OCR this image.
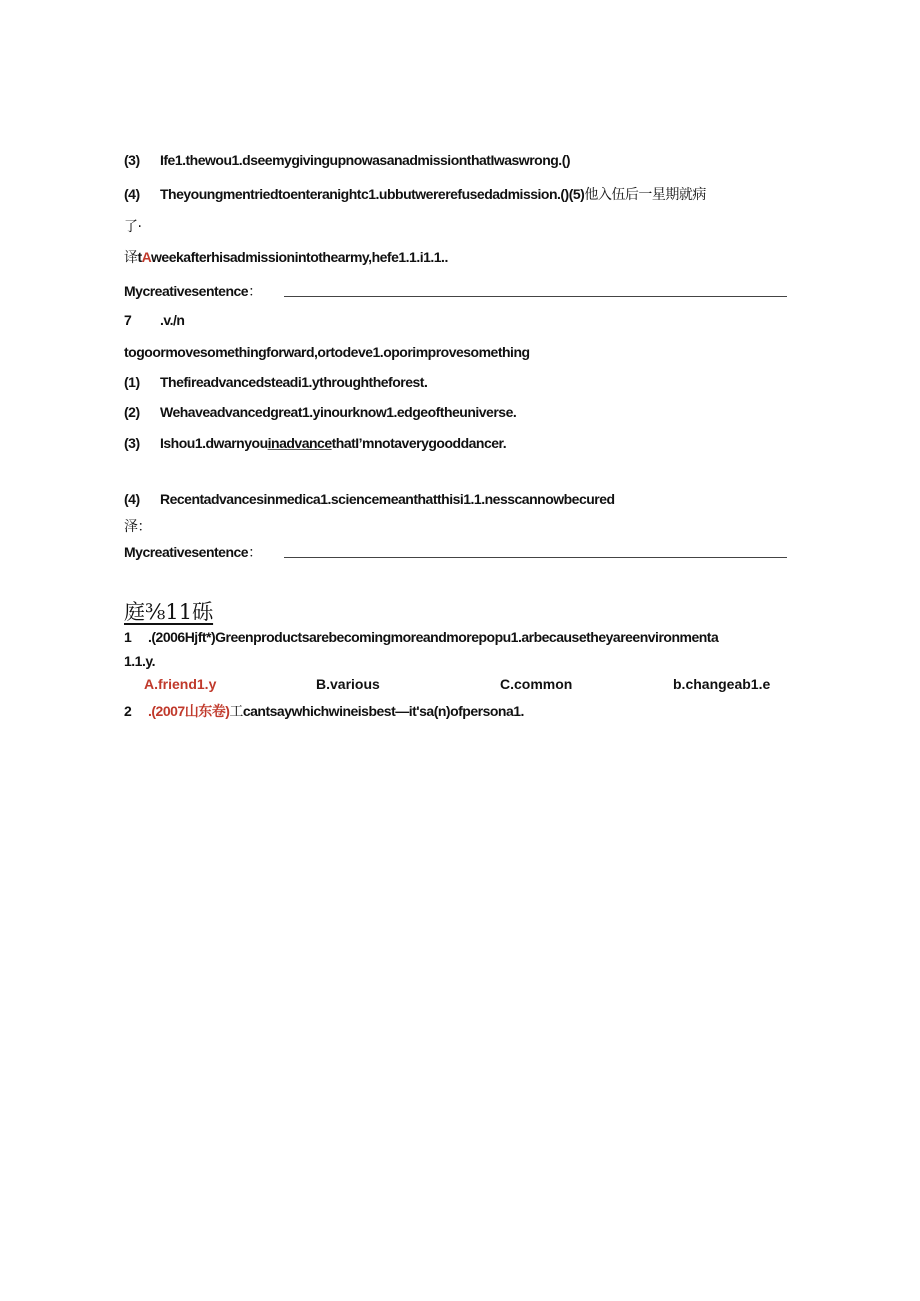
(3) Ife1.thewou1.dseemygivingupnowasanadmissionthatIwaswrong.()
(4) Theyoungmentriedtoenteranightc1.ubbutwererefusedadmission.()(5)他入伍后一星期就病
了·
译tAweekafterhisadmissionintothearmy,hefe1.1.i1.1..
Mycreativesentence：
7 .v./n
togoormovesomethingforward,ortodeve1.oporimprovesomething
(1) Thefireadvancedsteadi1.ythroughtheforest.
(2) Wehaveadvancedgreat1.yinourknow1.edgeoftheuniverse.
(3) Ishou1.dwarnyouinadvancethatI’mnotaverygooddancer.
(4) Recentadvancesinmedica1.sciencemeanthatthisi1.1.nesscannowbecured
泽：
Mycreativesentence：
庭⅜11砾
1 .(2006Hjft*)Greenproductsarebecomingmoreandmorepopu1.arbecausetheyareenvironmenta
1.1.y.
A.friend1.y	B.various	C.common	b.changeab1.e
2 .(2007山东卷)工cantsaywhichwineisbest—it'sa(n)ofpersona1.
